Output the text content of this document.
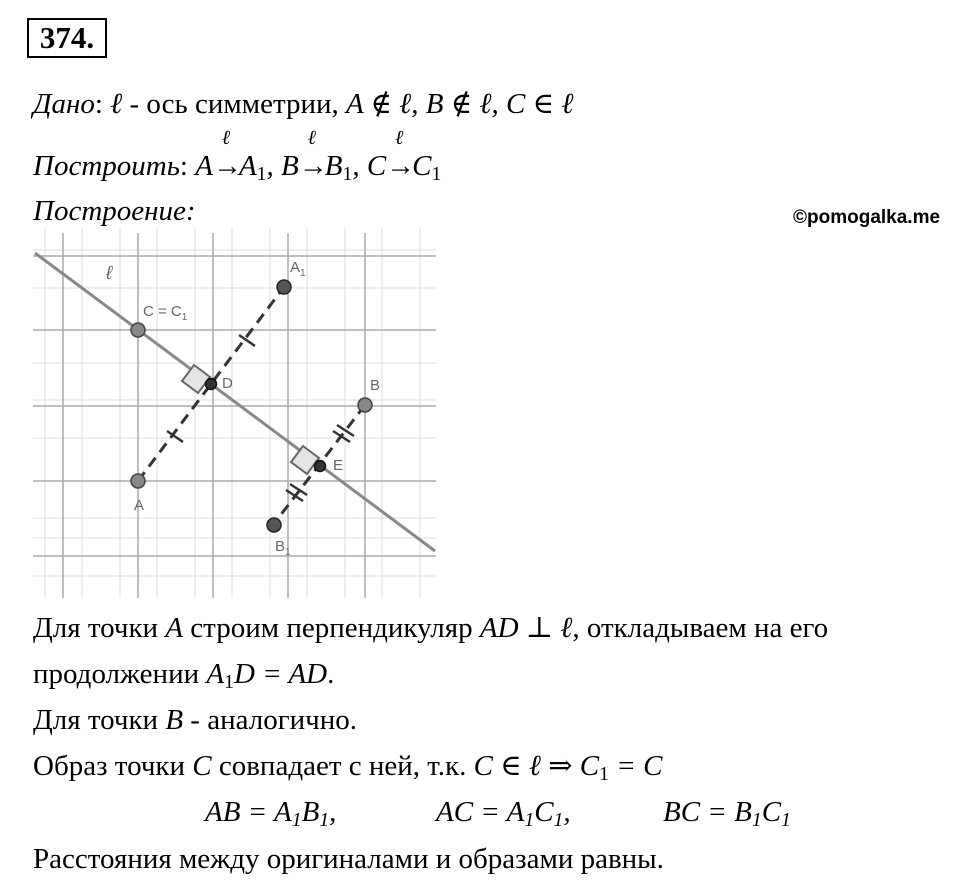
374.
Дано: ℓ - ось симметрии, A ∉ ℓ, B ∉ ℓ, C ∈ ℓ
Построить: A
ℓ
$\to A_1$, B
ℓ
$\to B_1$, C
ℓ
$\to C_1$
Построение:	©pomogalka.me
ℓ
$C = C_1$
$A_1$
D	B
E
A
$B_1$
Для точки A строим перпендикуляр AD ⊥ ℓ, откладываем на его
продолжении $A_1D$ = AD.
Для точки B - аналогично.
Образ точки C совпадает с ней, т.к. C ∈ ℓ ⇒ $C_1 = C$
AB = $A_1B_1$,	AC = $A_1C_1$,	BC = $B_1C_1$
Расстояния между оригиналами и образами равны.
